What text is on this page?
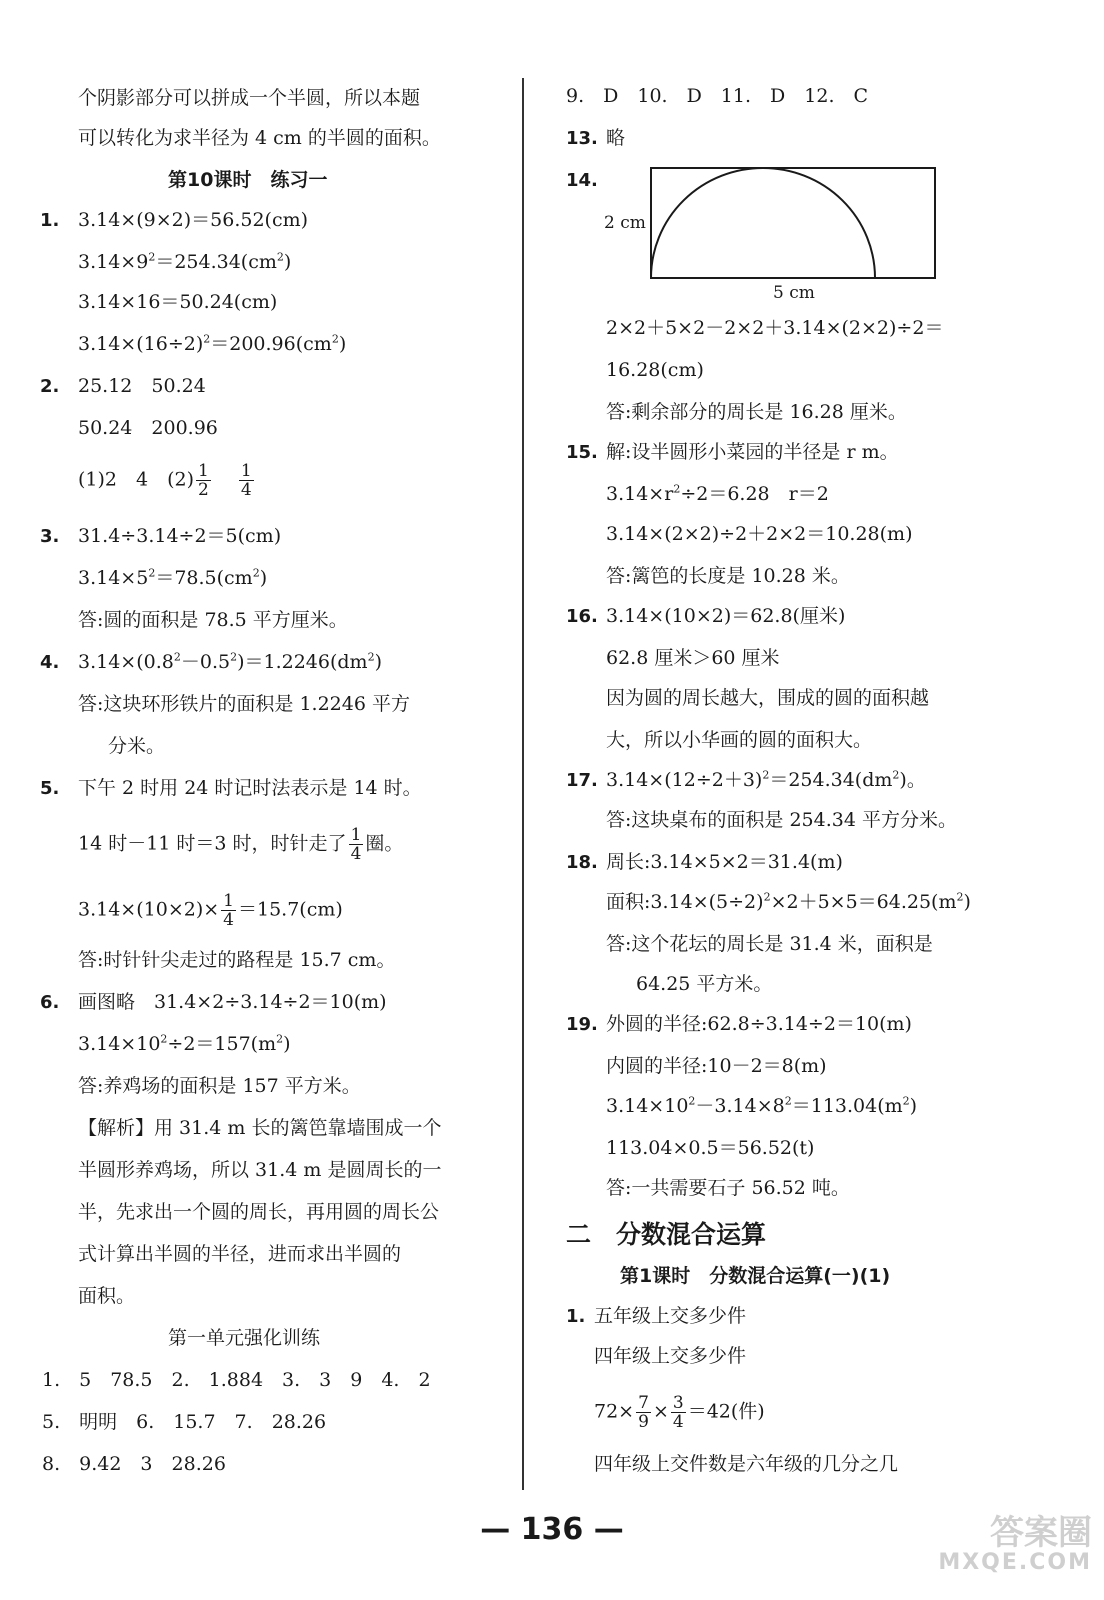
个阴影部分可以拼成一个半圆，所以本题
可以转化为求半径为 4 cm 的半圆的面积。
第10课时　练习一
1. 3.14×(9×2)＝56.52(cm)
$3.14\times 9^2=254.34(cm^2)$
3.14×16＝50.24(cm)
$3.14\times(16\div 2)^2=200.96(cm^2)$
2. 25.12　50.24
50.24　200.96
(1)2　4　$(2) \frac{1}{2}$
$\frac{1}{4}$
3. 31.4÷3.14÷2＝5(cm)
$3.14\times 5^2=78.5(cm^2)$
答:圆的面积是 78.5 平方厘米。
4. $3.14\times(0.8^2-0.5^2)=1.2246(dm^2)$
答:这块环形铁片的面积是 1.2246 平方
分米。
5. 下午 2 时用 24 时记时法表示是 14 时。
14 时－11 时＝3 时，时针走了 $\frac{1}{4}$ 圈。
$3.14\times(10\times 2)\times \frac{1}{4} =15.7(cm)$
答:时针针尖走过的路程是 15.7 cm。
6. 画图略　31.4×2÷3.14÷2＝10(m)
$3.14\times 10^2\div 2=157(m^2)$
答:养鸡场的面积是 157 平方米。
【解析】用 31.4 m 长的篱笆靠墙围成一个
半圆形养鸡场，所以 31.4 m 是圆周长的一
半，先求出一个圆的周长，再用圆的周长公
式计算出半圆的半径，进而求出半圆的
面积。
第一单元强化训练
1.　5　78.5　2.　1.884　3.　3　9　4.　2
5.　明明　6.　15.7　7.　28.26
8.　9.42　3　28.26
9.　D　10.　D　11.　D　12.　C
13. 略
14.
2 cm
5 cm
2×2＋5×2－2×2＋3.14×(2×2)÷2＝
16.28(cm)
答:剩余部分的周长是 16.28 厘米。
15. 解:设半圆形小菜园的半径是 r m。
$3.14\times r^2\div 2=6.28$　r＝2
3.14×(2×2)÷2＋2×2＝10.28(m)
答:篱笆的长度是 10.28 米。
16. 3.14×(10×2)＝62.8(厘米)
62.8 厘米＞60 厘米
因为圆的周长越大，围成的圆的面积越
大，所以小华画的圆的面积大。
17. $3.14\times(12\div 2+3)^2=254.34(dm^2)$。
答:这块桌布的面积是 254.34 平方分米。
18. 周长:3.14×5×2＝31.4(m)
面积$:3.14\times(5\div 2)^2\times 2+5\times 5=64.25(m^2)$
答:这个花坛的周长是 31.4 米，面积是
64.25 平方米。
19. 外圆的半径:62.8÷3.14÷2＝10(m)
内圆的半径:10－2＝8(m)
$3.14\times 10^2-3.14\times 8^2=113.04(m^2)$
113.04×0.5＝56.52(t)
答:一共需要石子 56.52 吨。
二　分数混合运算
第1课时　分数混合运算(一)(1)
1. 五年级上交多少件
四年级上交多少件
$72\times \frac{7}{9} \times \frac{3}{4} =42$(件)
四年级上交件数是六年级的几分之几
— 136 —	答案圈
MXQE.COM
